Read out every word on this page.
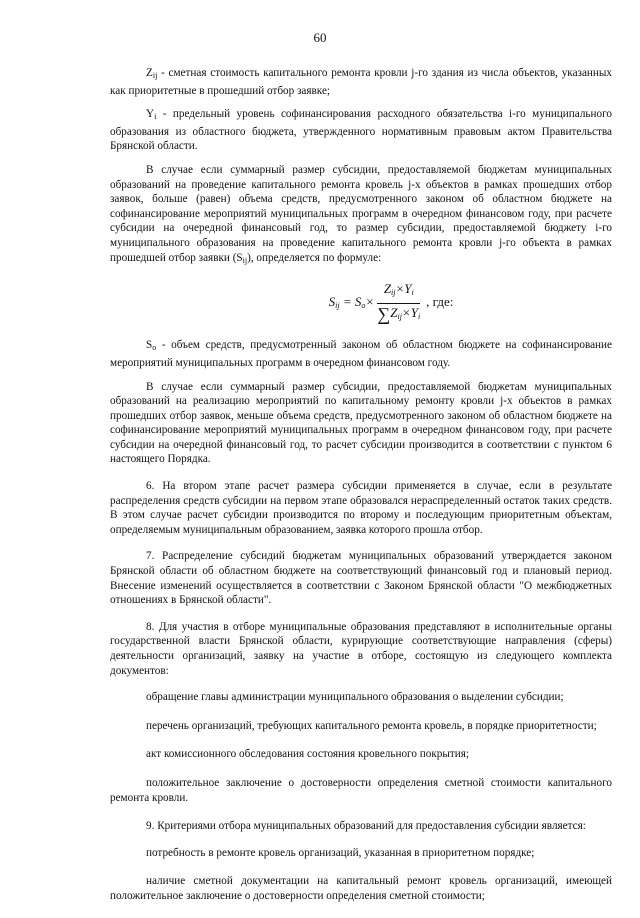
60

$Z_{ij}$ - сметная стоимость капитального ремонта кровли j-го здания из числа объектов, указанных как приоритетные в прошедший отбор заявке;

$Y_i$ - предельный уровень софинансирования расходного обязательства i-го муниципального образования из областного бюджета, утвержденного нормативным правовым актом Правительства Брянской области.

В случае если суммарный размер субсидии, предоставляемой бюджетам муниципальных образований на проведение капитального ремонта кровель j-х объектов в рамках прошедших отбор заявок, больше (равен) объема средств, предусмотренного законом об областном бюджете на софинансирование мероприятий муниципальных программ в очередном финансовом году, при расчете субсидии на очередной финансовый год, то размер субсидии, предоставляемой бюджету i-го муниципального образования на проведение капитального ремонта кровли j-го объекта в рамках прошедшей отбор заявки $(S_{ij})$, определяется по формуле:

$S_{ij} = S_o\times \frac{Z_{ij}\times Y_i}{\sum Z_{ij}\times Y_i}$ , где:

$S_o$ - объем средств, предусмотренный законом об областном бюджете на софинансирование мероприятий муниципальных программ в очередном финансовом году.

В случае если суммарный размер субсидии, предоставляемой бюджетам муниципальных образований на реализацию мероприятий по капитальному ремонту кровли j-х объектов в рамках прошедших отбор заявок, меньше объема средств, предусмотренного законом об областном бюджете на софинансирование мероприятий муниципальных программ в очередном финансовом году, при расчете субсидии на очередной финансовый год, то расчет субсидии производится в соответствии с пунктом 6 настоящего Порядка.

6. На втором этапе расчет размера субсидии применяется в случае, если в результате распределения средств субсидии на первом этапе образовался нераспределенный остаток таких средств. В этом случае расчет субсидии производится по второму и последующим приоритетным объектам, определяемым муниципальным образованием, заявка которого прошла отбор.

7. Распределение субсидий бюджетам муниципальных образований утверждается законом Брянской области об областном бюджете на соответствующий финансовый год и плановый период. Внесение изменений осуществляется в соответствии с Законом Брянской области "О межбюджетных отношениях в Брянской области".

8. Для участия в отборе муниципальные образования представляют в исполнительные органы государственной власти Брянской области, курирующие соответствующие направления (сферы) деятельности организаций, заявку на участие в отборе, состоящую из следующего комплекта документов:

обращение главы администрации муниципального образования о выделении субсидии;

перечень организаций, требующих капитального ремонта кровель, в порядке приоритетности;

акт комиссионного обследования состояния кровельного покрытия;

положительное заключение о достоверности определения сметной стоимости капитального ремонта кровли.

9. Критериями отбора муниципальных образований для предоставления субсидии является:

потребность в ремонте кровель организаций, указанная в приоритетном порядке;

наличие сметной документации на капитальный ремонт кровель организаций, имеющей положительное заключение о достоверности определения сметной стоимости;
